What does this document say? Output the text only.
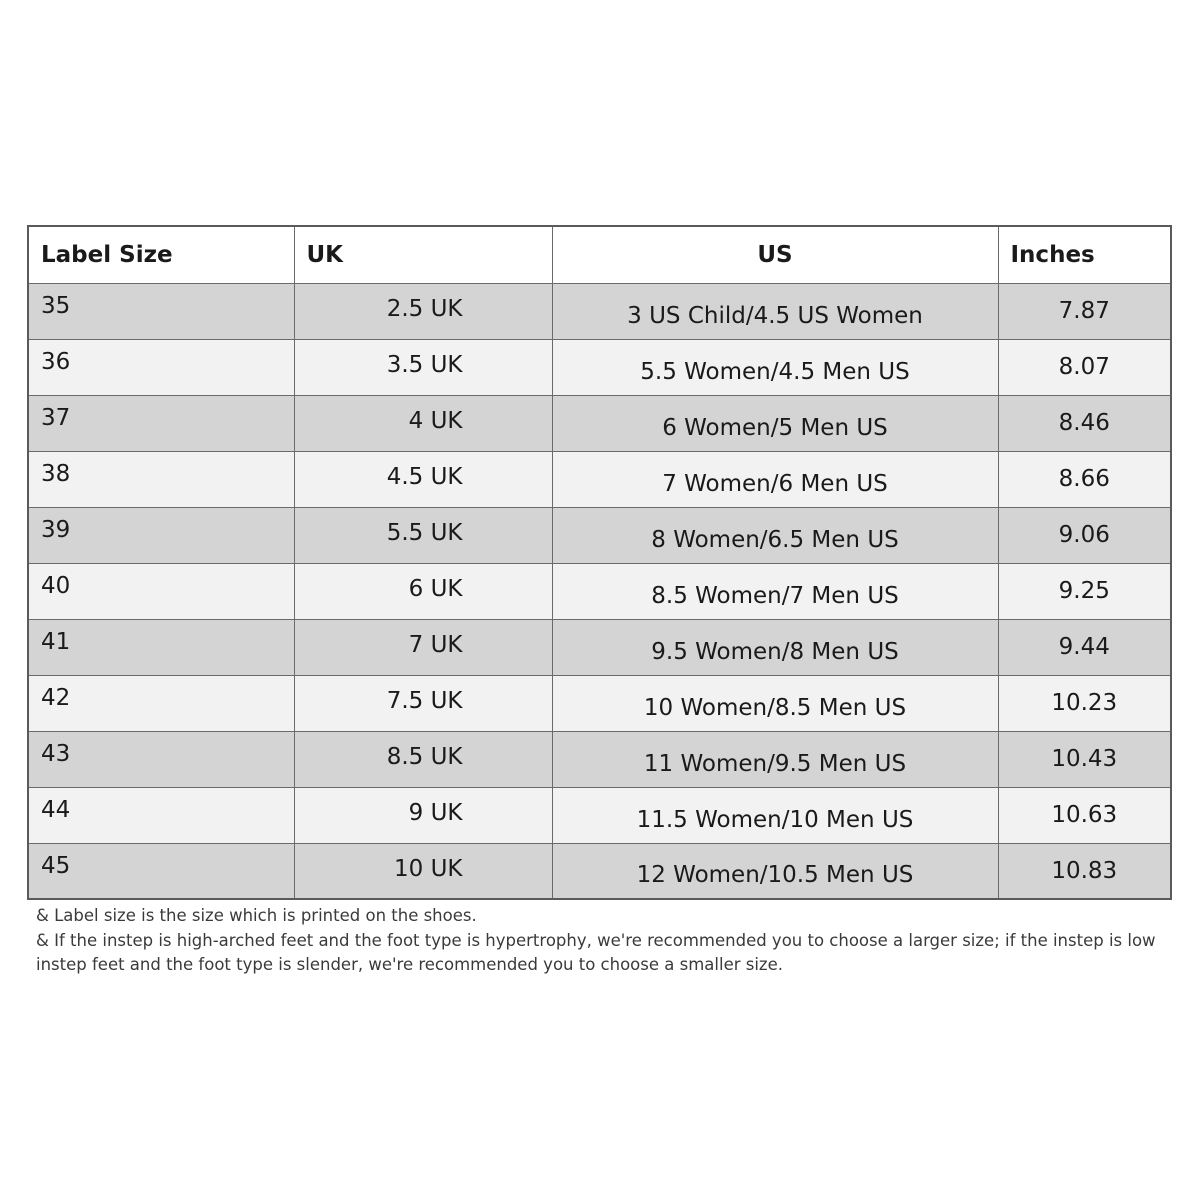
Label Size	UK	US	Inches
35	2.5 UK	3 US Child/4.5 US Women	7.87
36	3.5 UK	5.5 Women/4.5 Men US	8.07
37	4 UK	6 Women/5 Men US	8.46
38	4.5 UK	7 Women/6 Men US	8.66
39	5.5 UK	8 Women/6.5 Men US	9.06
40	6 UK	8.5 Women/7 Men US	9.25
41	7 UK	9.5 Women/8 Men US	9.44
42	7.5 UK	10 Women/8.5 Men US	10.23
43	8.5 UK	11 Women/9.5 Men US	10.43
44	9 UK	11.5 Women/10 Men US	10.63
45	10 UK	12 Women/10.5 Men US	10.83

& Label size is the size which is printed on the shoes.

& If the instep is high-arched feet and the foot type is hypertrophy, we're recommended you to choose a larger size; if the instep is low instep feet and the foot type is slender, we're recommended you to choose a smaller size.
